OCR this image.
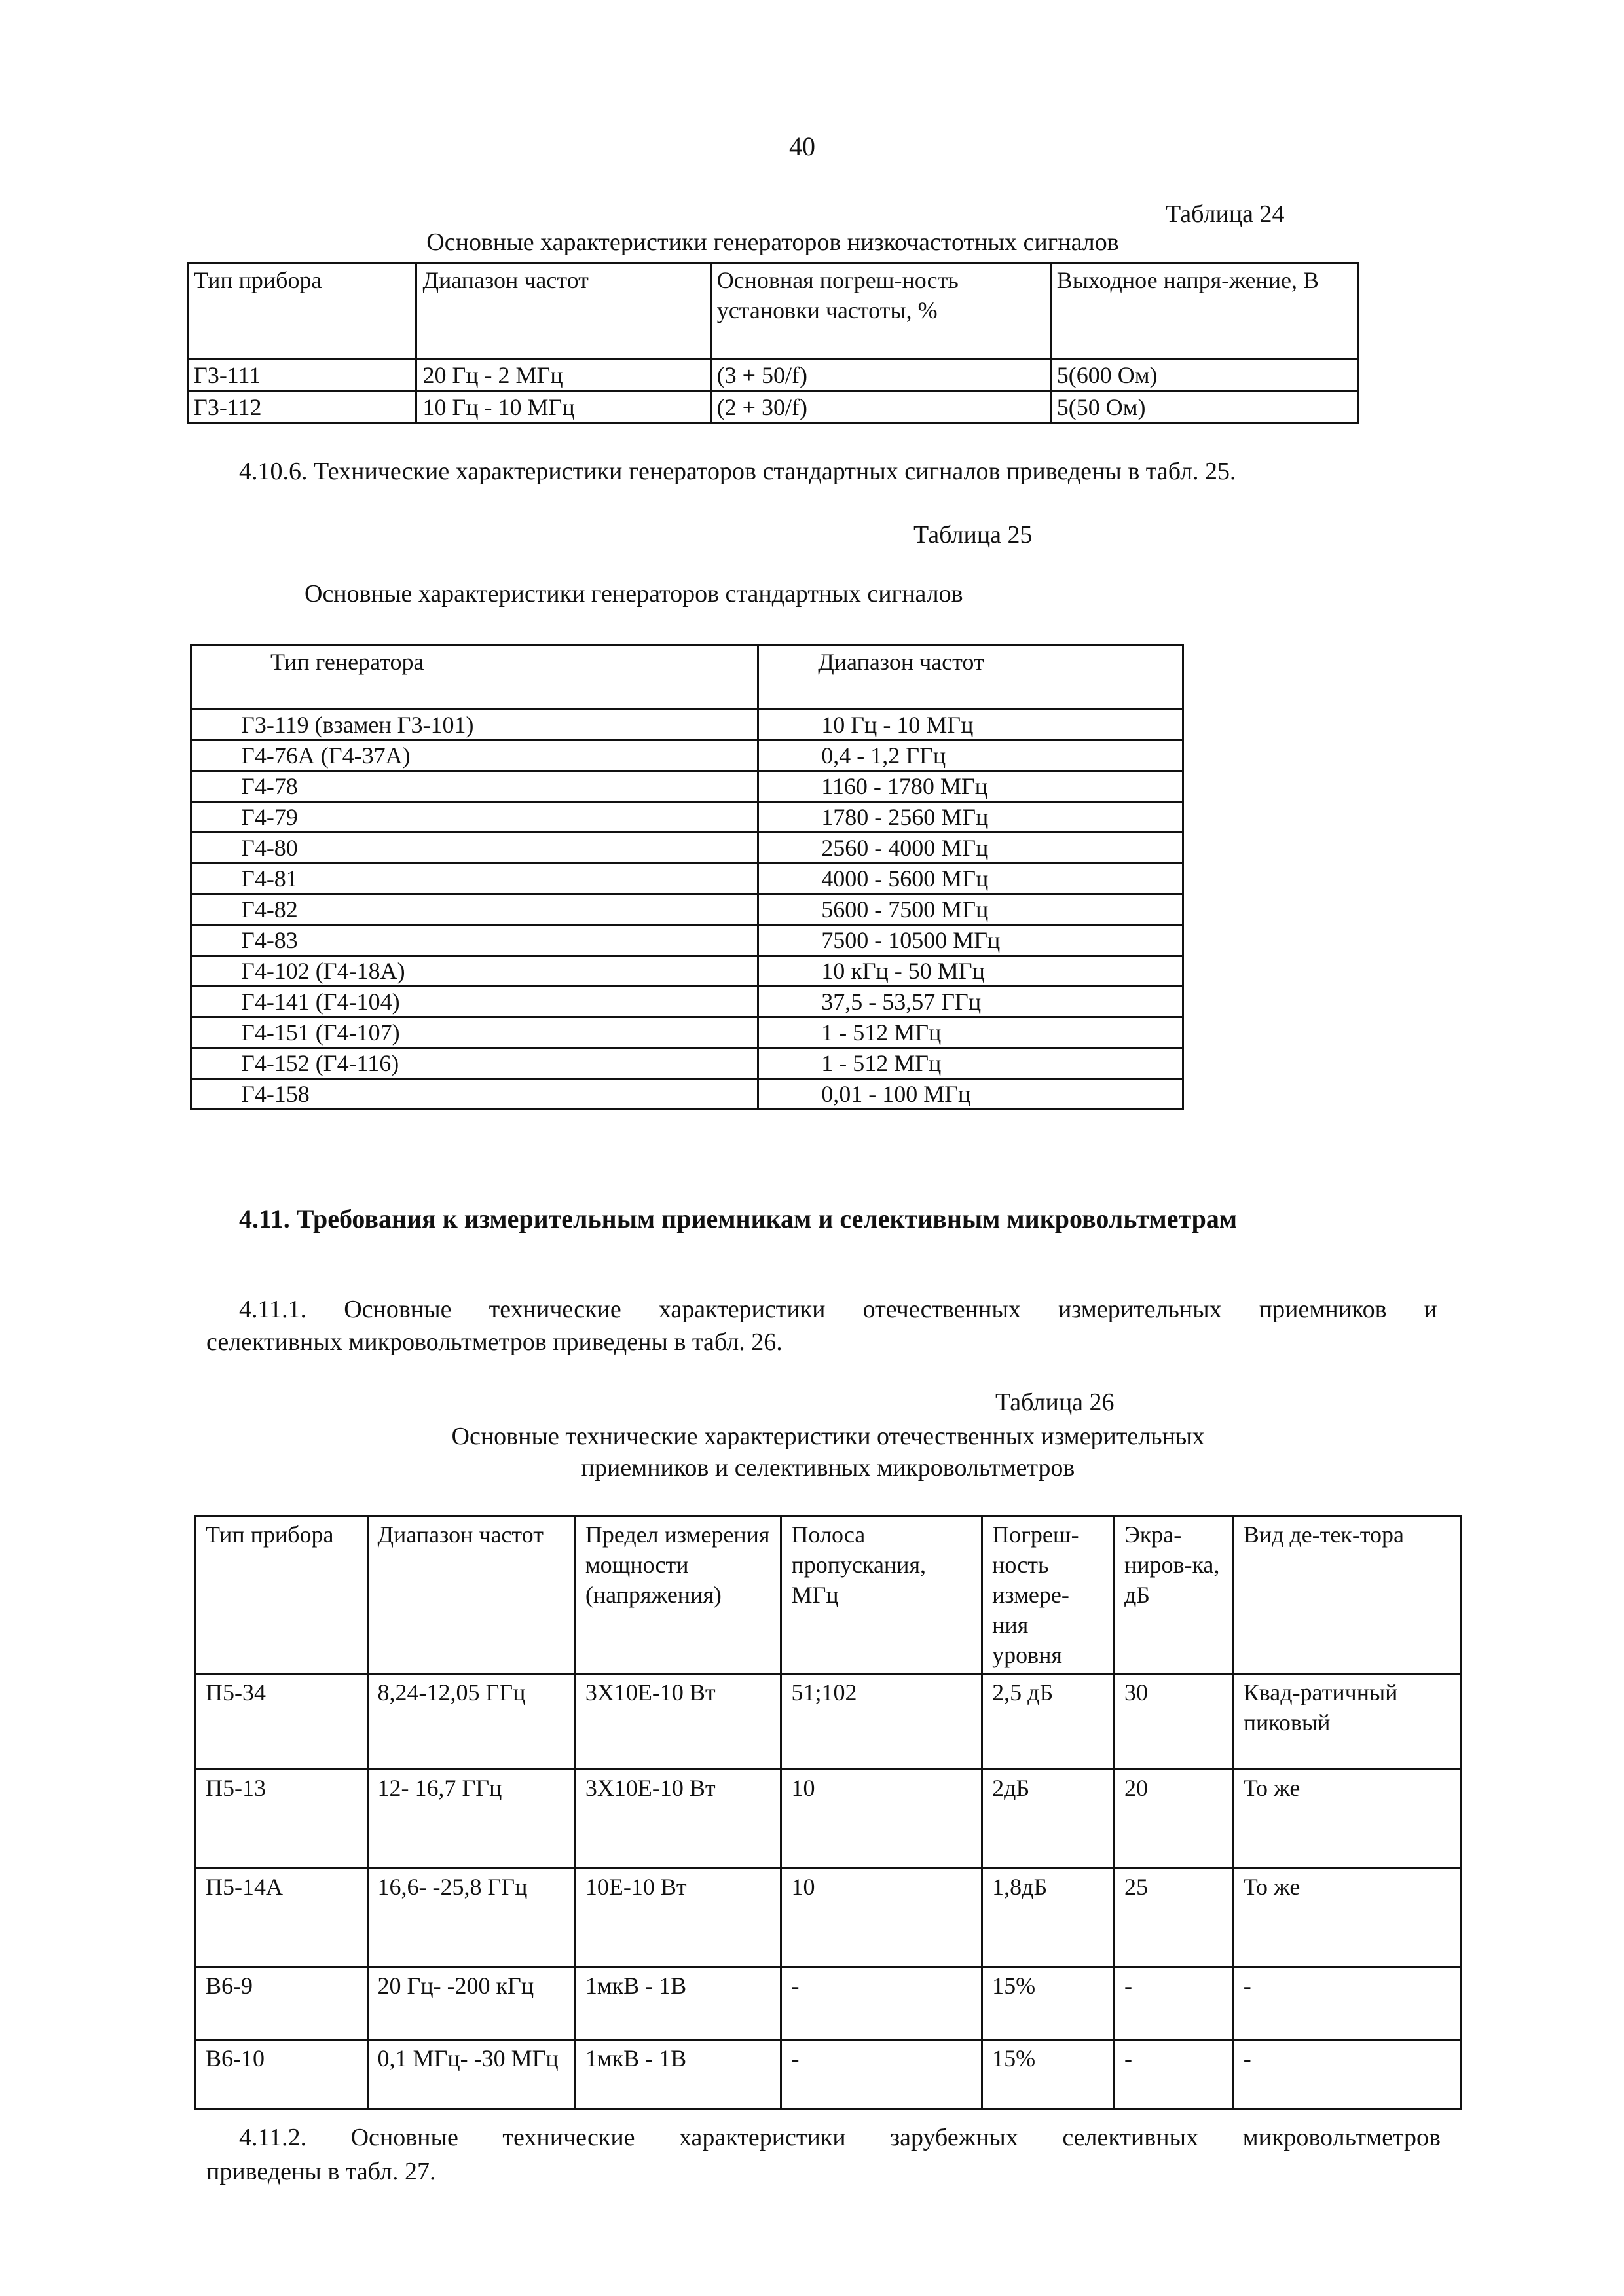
40
Таблица 24
Основные характеристики генераторов низкочастотных сигналов
Тип прибора	Диапазон частот	Основная погреш-ность установки частоты, %	Выходное напря-жение, В
Г3-111	20 Гц - 2 МГц	(3 + 50/f)	5(600 Ом)
Г3-112	10 Гц - 10 МГц	(2 + 30/f)	5(50 Ом)
4.10.6. Технические характеристики генераторов стандартных сигналов приведены в табл. 25.
Таблица 25
Основные характеристики генераторов стандартных сигналов
Тип генератора	Диапазон частот
Г3-119 (взамен Г3-101)	10 Гц - 10 МГц
Г4-76А (Г4-37А)	0,4 - 1,2 ГГц
Г4-78	1160 - 1780 МГц
Г4-79	1780 - 2560 МГц
Г4-80	2560 - 4000 МГц
Г4-81	4000 - 5600 МГц
Г4-82	5600 - 7500 МГц
Г4-83	7500 - 10500 МГц
Г4-102 (Г4-18А)	10 кГц - 50 МГц
Г4-141 (Г4-104)	37,5 - 53,57 ГГц
Г4-151 (Г4-107)	1 - 512 МГц
Г4-152 (Г4-116)	1 - 512 МГц
Г4-158	0,01 - 100 МГц
4.11. Требования к измерительным приемникам и селективным микровольтметрам
4.11.1. Основные технические характеристики отечественных измерительных приемников и
селективных микровольтметров приведены в табл. 26.
Таблица 26
Основные технические характеристики отечественных измерительных
приемников и селективных микровольтметров
Тип прибора	Диапазон частот	Предел измерения мощности (напряжения)	Полоса пропускания, МГц	Погреш-ность измере-ния уровня	Экра-ниров-ка, дБ	Вид де-тек-тора
П5-34	8,24-12,05 ГГц	3Х10Е-10 Вт	51;102	2,5 дБ	30	Квад-ратичный пиковый
П5-13	12- 16,7 ГГц	3Х10Е-10 Вт	10	2дБ	20	То же
П5-14А	16,6- -25,8 ГГц	10Е-10 Вт	10	1,8дБ	25	То же
В6-9	20 Гц- -200 кГц	1мкВ - 1В	-	15%	-	-
В6-10	0,1 МГц- -30 МГц	1мкВ - 1В	-	15%	-	-
4.11.2. Основные технические характеристики зарубежных селективных микровольтметров
приведены в табл. 27.
